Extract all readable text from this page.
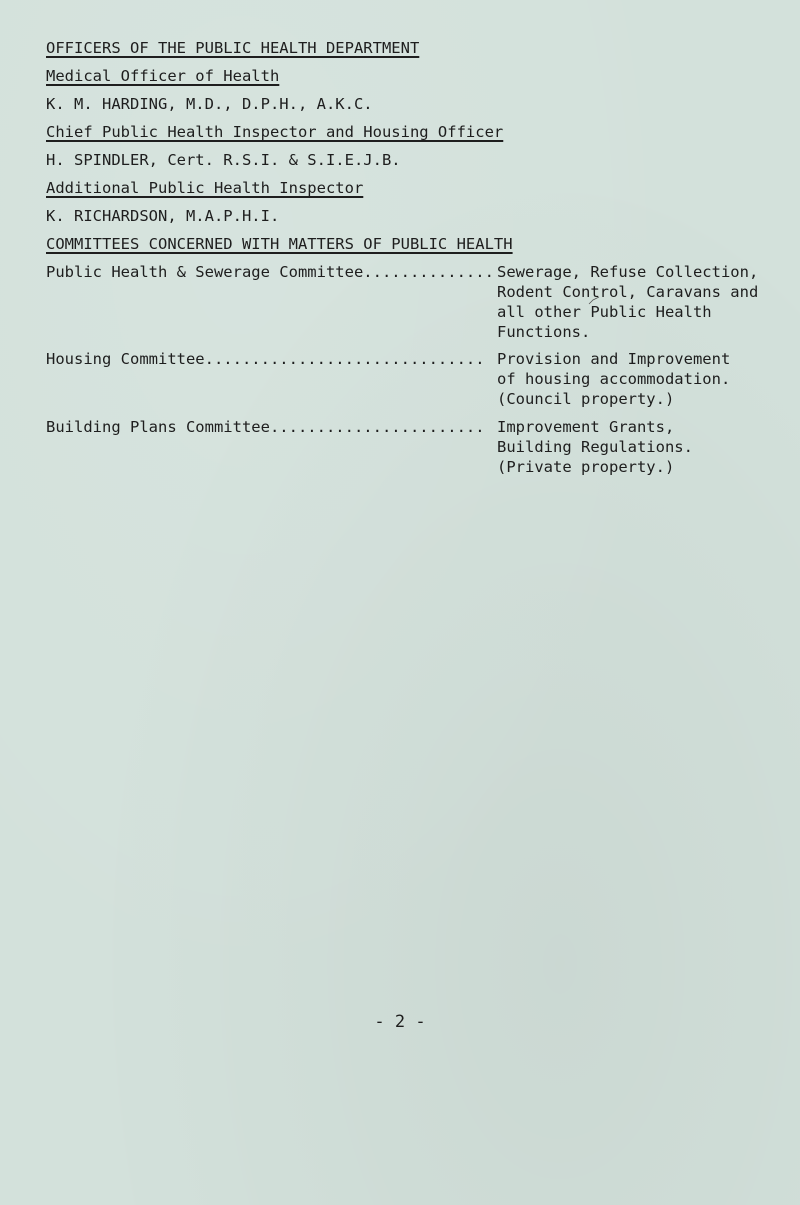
OFFICERS OF THE PUBLIC HEALTH DEPARTMENT
Medical Officer of Health
K. M. HARDING, M.D., D.P.H., A.K.C.
Chief Public Health Inspector and Housing Officer
H. SPINDLER, Cert. R.S.I. & S.I.E.J.B.
Additional Public Health Inspector
K. RICHARDSON, M.A.P.H.I.
COMMITTEES CONCERNED WITH MATTERS OF PUBLIC HEALTH
Public Health & Sewerage Committee.............. Sewerage, Refuse Collection,
Rodent Control, Caravans and
all other Public Health
Functions.
Housing Committee.............................. Provision and Improvement
of housing accommodation.
(Council property.)
Building Plans Committee....................... Improvement Grants,
Building Regulations.
(Private property.)
- 2 -
